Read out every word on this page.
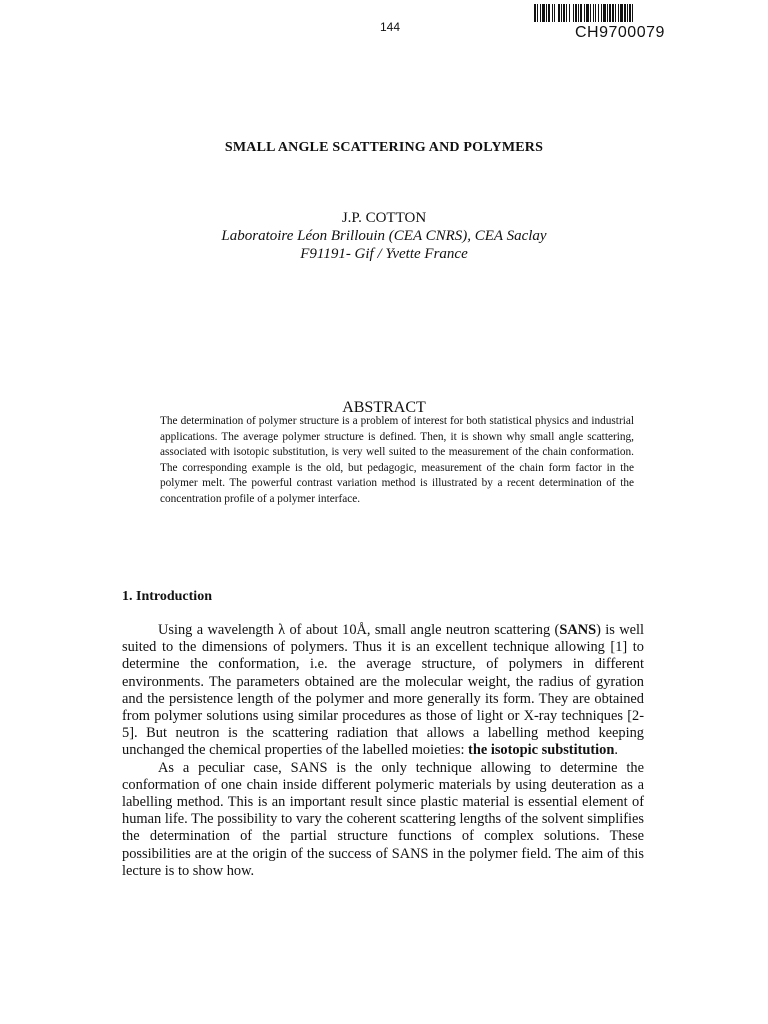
144	CH9700079
SMALL ANGLE SCATTERING AND POLYMERS
J.P. COTTON
Laboratoire Léon Brillouin (CEA CNRS), CEA Saclay
F91191- Gif / Yvette France
ABSTRACT
The determination of polymer structure is a problem of interest for both statistical physics and industrial applications. The average polymer structure is defined. Then, it is shown why small angle scattering, associated with isotopic substitution, is very well suited to the measurement of the chain conformation. The corresponding example is the old, but pedagogic, measurement of the chain form factor in the polymer melt. The powerful contrast variation method is illustrated by a recent determination of the concentration profile of a polymer interface.
1. Introduction

Using a wavelength λ of about 10Å, small angle neutron scattering (SANS) is well suited to the dimensions of polymers. Thus it is an excellent technique allowing [1] to determine the conformation, i.e. the average structure, of polymers in different environments. The parameters obtained are the molecular weight, the radius of gyration and the persistence length of the polymer and more generally its form. They are obtained from polymer solutions using similar procedures as those of light or X-ray techniques [2-5]. But neutron is the scattering radiation that allows a labelling method keeping unchanged the chemical properties of the labelled moieties: the isotopic substitution.

As a peculiar case, SANS is the only technique allowing to determine the conformation of one chain inside different polymeric materials by using deuteration as a labelling method. This is an important result since plastic material is essential element of human life. The possibility to vary the coherent scattering lengths of the solvent simplifies the determination of the partial structure functions of complex solutions. These possibilities are at the origin of the success of SANS in the polymer field. The aim of this lecture is to show how.
